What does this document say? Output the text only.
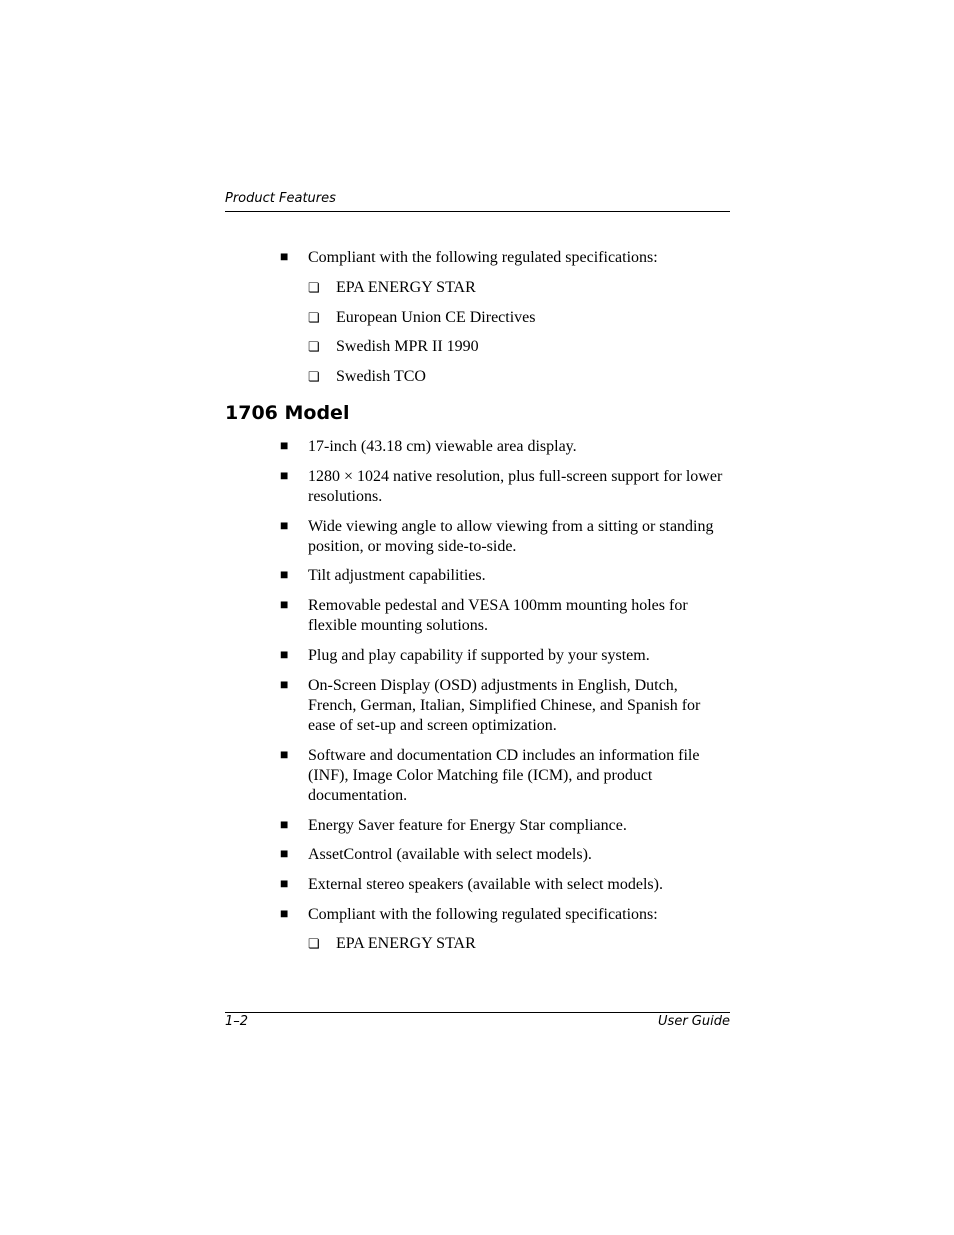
Product Features
■ Compliant with the following regulated specifications:
❏ EPA ENERGY STAR
❏ European Union CE Directives
❏ Swedish MPR II 1990
❏ Swedish TCO
1706 Model
■ 17-inch (43.18 cm) viewable area display.
■ 1280 × 1024 native resolution, plus full-screen support for lower resolutions.
■ Wide viewing angle to allow viewing from a sitting or standing position, or moving side-to-side.
■ Tilt adjustment capabilities.
■ Removable pedestal and VESA 100mm mounting holes for flexible mounting solutions.
■ Plug and play capability if supported by your system.
■ On-Screen Display (OSD) adjustments in English, Dutch, French, German, Italian, Simplified Chinese, and Spanish for ease of set-up and screen optimization.
■ Software and documentation CD includes an information file (INF), Image Color Matching file (ICM), and product documentation.
■ Energy Saver feature for Energy Star compliance.
■ AssetControl (available with select models).
■ External stereo speakers (available with select models).
■ Compliant with the following regulated specifications:
❏ EPA ENERGY STAR
1–2	User Guide
